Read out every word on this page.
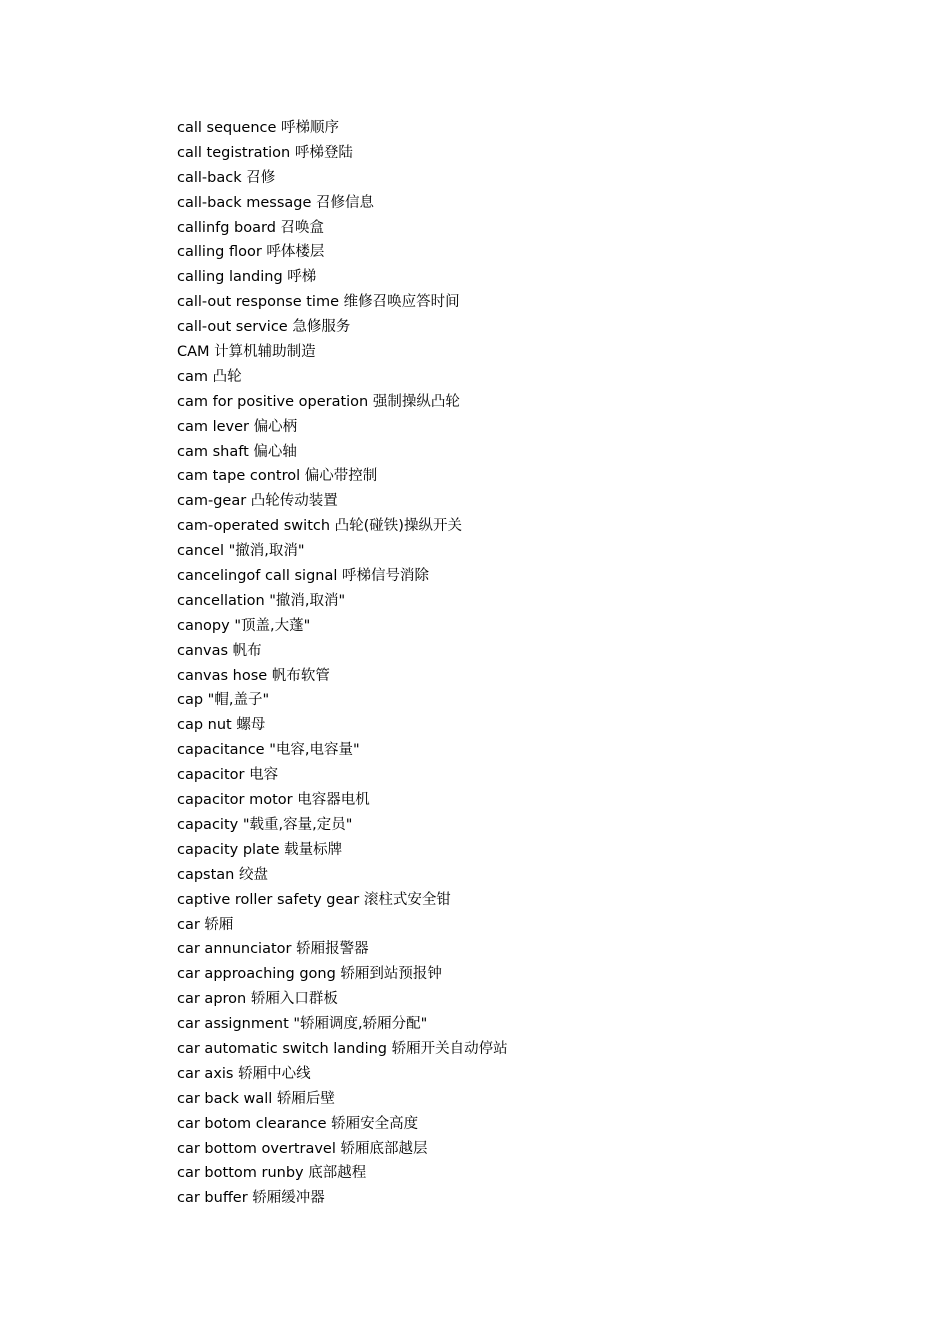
call sequence 呼梯顺序
call tegistration 呼梯登陆
call-back 召修
call-back message 召修信息
callinfg board 召唤盒
calling floor 呼体楼层
calling landing 呼梯
call-out response time 维修召唤应答时间
call-out service 急修服务
CAM 计算机辅助制造
cam 凸轮
cam for positive operation 强制操纵凸轮
cam lever 偏心柄
cam shaft 偏心轴
cam tape control 偏心带控制
cam-gear 凸轮传动装置
cam-operated switch 凸轮(碰铁)操纵开关
cancel "撤消,取消"
cancelingof call signal 呼梯信号消除
cancellation "撤消,取消"
canopy "顶盖,大蓬"
canvas 帆布
canvas hose 帆布软管
cap "帽,盖子"
cap nut 螺母
capacitance "电容,电容量"
capacitor 电容
capacitor motor 电容器电机
capacity "载重,容量,定员"
capacity plate 载量标牌
capstan 绞盘
captive roller safety gear 滚柱式安全钳
car 轿厢
car annunciator 轿厢报警器
car approaching gong 轿厢到站预报钟
car apron 轿厢入口群板
car assignment "轿厢调度,轿厢分配"
car automatic switch landing 轿厢开关自动停站
car axis 轿厢中心线
car back wall 轿厢后壁
car botom clearance 轿厢安全高度
car bottom overtravel 轿厢底部越层
car bottom runby 底部越程
car buffer 轿厢缓冲器
